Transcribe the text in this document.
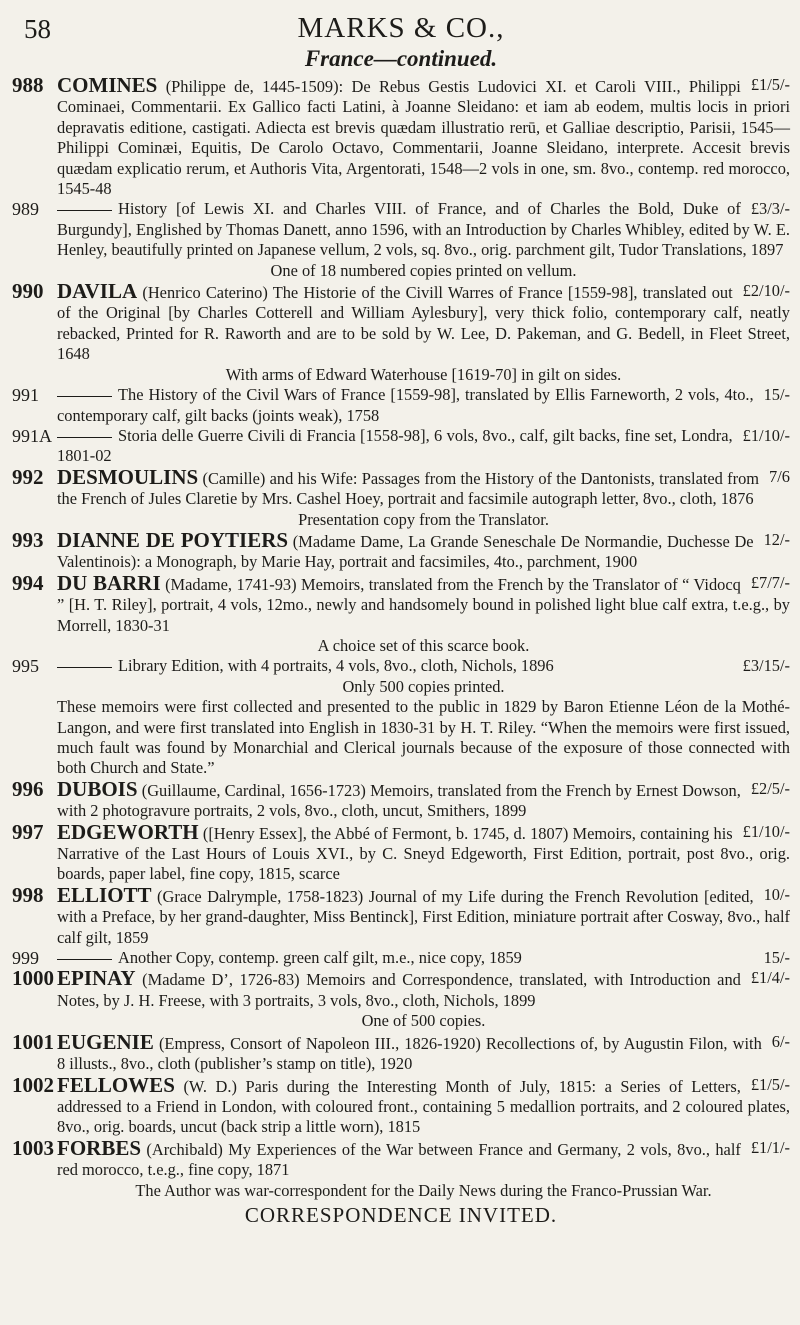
58	MARKS & CO.,
France—continued.
988	£1/5/-
COMINES (Philippe de, 1445-1509): De Rebus Gestis Ludovici XI. et Caroli VIII., Philippi Cominaei, Commentarii. Ex Gallico facti Latini, à Joanne Sleidano: et iam ab eodem, multis locis in priori depravatis editione, castigati. Adiecta est brevis quædam illustratio rerū, et Galliae descriptio, Parisii, 1545—Philippi Cominæi, Equitis, De Carolo Octavo, Commentarii, Joanne Sleidano, interprete. Accesit brevis quædam explicatio rerum, et Authoris Vita, Argentorati, 1548—2 vols in one, sm. 8vo., contemp. red morocco, 1545-48
989	£3/3/-
History [of Lewis XI. and Charles VIII. of France, and of Charles the Bold, Duke of Burgundy], Englished by Thomas Danett, anno 1596, with an Introduction by Charles Whibley, edited by W. E. Henley, beautifully printed on Japanese vellum, 2 vols, sq. 8vo., orig. parchment gilt, Tudor Translations, 1897
One of 18 numbered copies printed on vellum.
990	£2/10/-
DAVILA (Henrico Caterino) The Historie of the Civill Warres of France [1559-98], translated out of the Original [by Charles Cotterell and William Aylesbury], very thick folio, contemporary calf, neatly rebacked, Printed for R. Raworth and are to be sold by W. Lee, D. Pakeman, and G. Bedell, in Fleet Street, 1648
With arms of Edward Waterhouse [1619-70] in gilt on sides.
991	15/-
The History of the Civil Wars of France [1559-98], translated by Ellis Farneworth, 2 vols, 4to., contemporary calf, gilt backs (joints weak), 1758
991A	£1/10/-
Storia delle Guerre Civili di Francia [1558-98], 6 vols, 8vo., calf, gilt backs, fine set, Londra, 1801-02
992	7/6
DESMOULINS (Camille) and his Wife: Passages from the History of the Dantonists, translated from the French of Jules Claretie by Mrs. Cashel Hoey, portrait and facsimile autograph letter, 8vo., cloth, 1876
Presentation copy from the Translator.
993	12/-
DIANNE DE POYTIERS (Madame Dame, La Grande Seneschale De Normandie, Duchesse De Valentinois): a Monograph, by Marie Hay, portrait and facsimiles, 4to., parchment, 1900
994	£7/7/-
DU BARRI (Madame, 1741-93) Memoirs, translated from the French by the Translator of “ Vidocq ” [H. T. Riley], portrait, 4 vols, 12mo., newly and handsomely bound in polished light blue calf extra, t.e.g., by Morrell, 1830-31
A choice set of this scarce book.
995	£3/15/-
Library Edition, with 4 portraits, 4 vols, 8vo., cloth, Nichols, 1896
Only 500 copies printed.
These memoirs were first collected and presented to the public in 1829 by Baron Etienne Léon de la Mothé-Langon, and were first translated into English in 1830-31 by H. T. Riley. “When the memoirs were first issued, much fault was found by Monarchial and Clerical journals because of the exposure of those connected with both Church and State.”
996	£2/5/-
DUBOIS (Guillaume, Cardinal, 1656-1723) Memoirs, translated from the French by Ernest Dowson, with 2 photogravure portraits, 2 vols, 8vo., cloth, uncut, Smithers, 1899
997	£1/10/-
EDGEWORTH ([Henry Essex], the Abbé of Fermont, b. 1745, d. 1807) Memoirs, containing his Narrative of the Last Hours of Louis XVI., by C. Sneyd Edgeworth, First Edition, portrait, post 8vo., orig. boards, paper label, fine copy, 1815, scarce
998	10/-
ELLIOTT (Grace Dalrymple, 1758-1823) Journal of my Life during the French Revolution [edited, with a Preface, by her grand-daughter, Miss Bentinck], First Edition, miniature portrait after Cosway, 8vo., half calf gilt, 1859
999	15/-
Another Copy, contemp. green calf gilt, m.e., nice copy, 1859
1000	£1/4/-
EPINAY (Madame D’, 1726-83) Memoirs and Correspondence, translated, with Introduction and Notes, by J. H. Freese, with 3 portraits, 3 vols, 8vo., cloth, Nichols, 1899
One of 500 copies.
1001	6/-
EUGENIE (Empress, Consort of Napoleon III., 1826-1920) Recollections of, by Augustin Filon, with 8 illusts., 8vo., cloth (publisher’s stamp on title), 1920
1002	£1/5/-
FELLOWES (W. D.) Paris during the Interesting Month of July, 1815: a Series of Letters, addressed to a Friend in London, with coloured front., containing 5 medallion portraits, and 2 coloured plates, 8vo., orig. boards, uncut (back strip a little worn), 1815
1003	£1/1/-
FORBES (Archibald) My Experiences of the War between France and Germany, 2 vols, 8vo., half red morocco, t.e.g., fine copy, 1871
The Author was war-correspondent for the Daily News during the Franco-Prussian War.
CORRESPONDENCE INVITED.
